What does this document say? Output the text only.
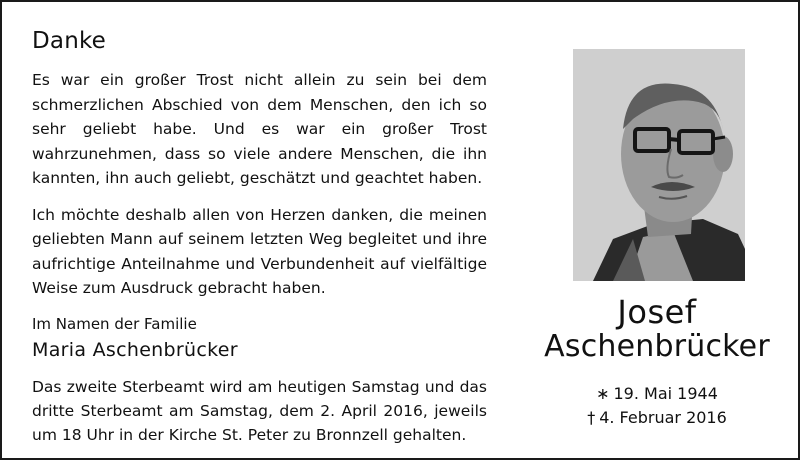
Danke

Es war ein großer Trost nicht allein zu sein bei dem schmerzlichen Abschied von dem Menschen, den ich so sehr geliebt habe. Und es war ein großer Trost wahrzunehmen, dass so viele andere Menschen, die ihn kannten, ihn auch geliebt, geschätzt und geachtet haben.

Ich möchte deshalb allen von Herzen danken, die meinen geliebten Mann auf seinem letzten Weg begleitet und ihre aufrichtige Anteilnahme und Verbundenheit auf vielfältige Weise zum Ausdruck gebracht haben.

Im Namen der Familie
Maria Aschenbrücker

Das zweite Sterbeamt wird am heutigen Samstag und das dritte Sterbeamt am Samstag, dem 2. April 2016, jeweils um 18 Uhr in der Kirche St. Peter zu Bronnzell gehalten.

Josef
Aschenbrücker
∗ 19. Mai 1944
† 4. Februar 2016
